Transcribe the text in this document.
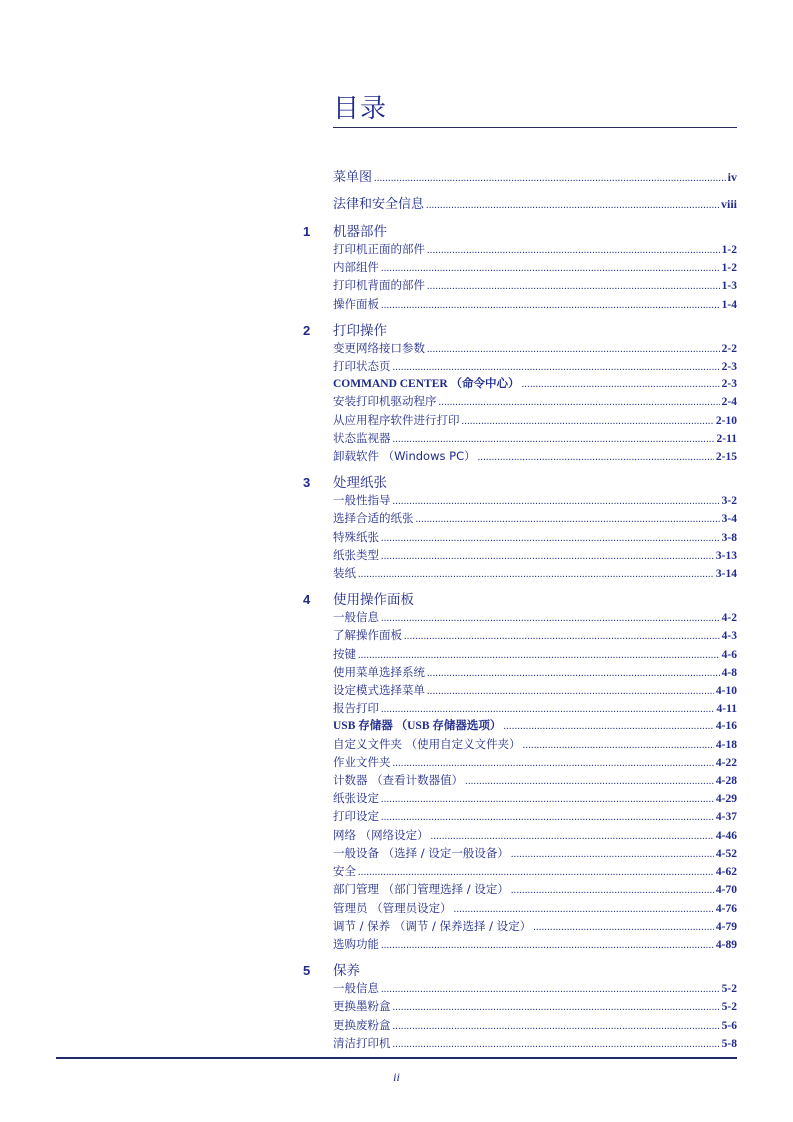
目录
菜单图 .....	iv
法律和安全信息 .....	viii
1 机器部件
打印机正面的部件 .....	1-2
内部组件 .....	1-2
打印机背面的部件 .....	1-3
操作面板 .....	1-4
2 打印操作
变更网络接口参数 .....	2-2
打印状态页 .....	2-3
COMMAND CENTER （命令中心） .....	2-3
安装打印机驱动程序 .....	2-4
从应用程序软件进行打印 .....	2-10
状态监视器 .....	2-11
卸载软件 （Windows PC） .....	2-15
3 处理纸张
一般性指导 .....	3-2
选择合适的纸张 .....	3-4
特殊纸张 .....	3-8
纸张类型 .....	3-13
装纸 .....	3-14
4 使用操作面板
一般信息 .....	4-2
了解操作面板 .....	4-3
按键 .....	4-6
使用菜单选择系统 .....	4-8
设定模式选择菜单 .....	4-10
报告打印 .....	4-11
USB 存储器 （USB 存储器选项） .....	4-16
自定义文件夹 （使用自定义文件夹） .....	4-18
作业文件夹 .....	4-22
计数器 （查看计数器值） .....	4-28
纸张设定 .....	4-29
打印设定 .....	4-37
网络 （网络设定） .....	4-46
一般设备 （选择 / 设定一般设备） .....	4-52
安全 .....	4-62
部门管理 （部门管理选择 / 设定） .....	4-70
管理员 （管理员设定） .....	4-76
调节 / 保养 （调节 / 保养选择 / 设定） .....	4-79
选购功能 .....	4-89
5 保养
一般信息 .....	5-2
更换墨粉盒 .....	5-2
更换废粉盒 .....	5-6
清洁打印机 .....	5-8
ii
